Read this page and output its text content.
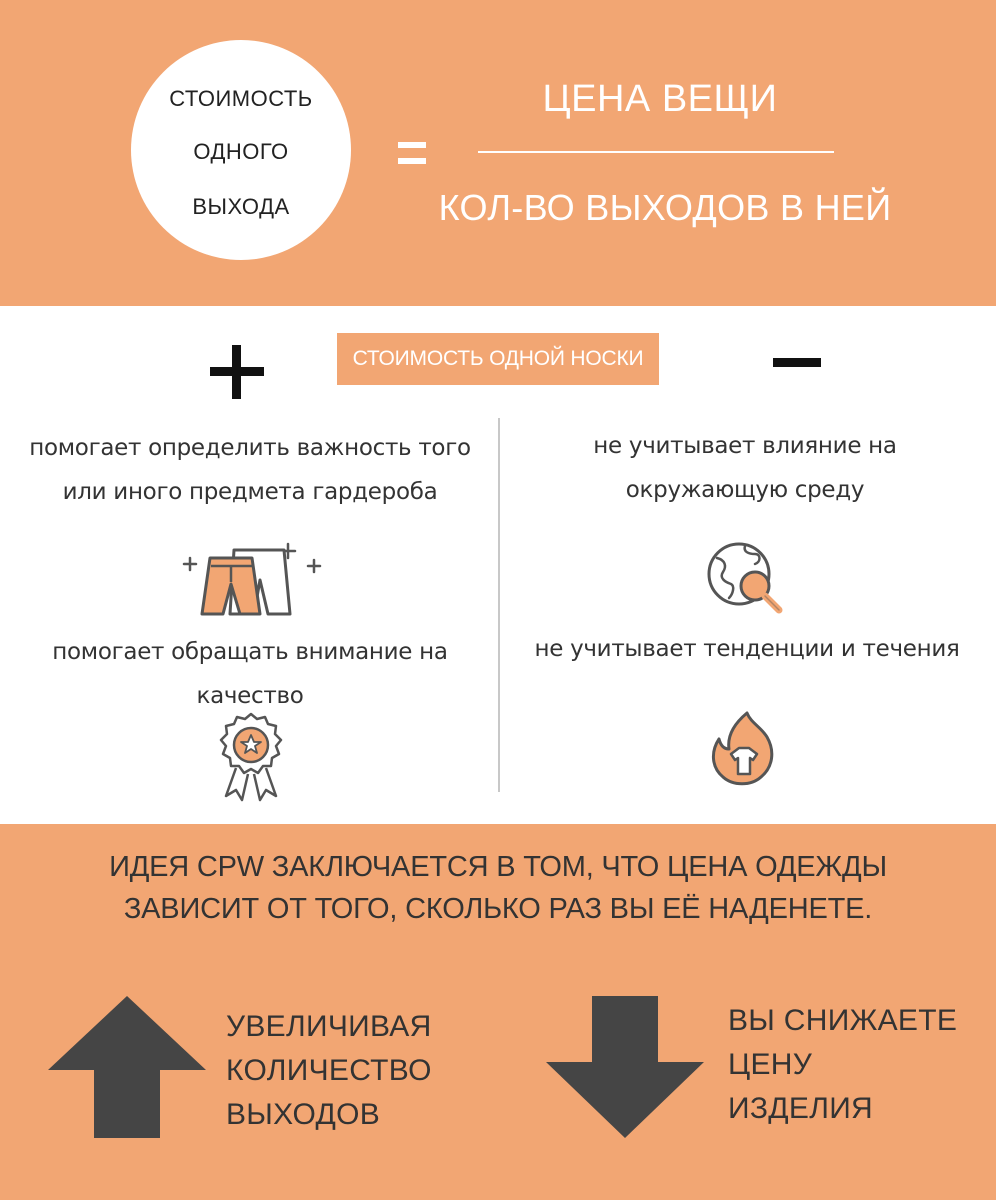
СТОИМОСТЬ
ОДНОГО
ВЫХОДА
ЦЕНА ВЕЩИ
КОЛ-ВО ВЫХОДОВ В НЕЙ
СТОИМОСТЬ ОДНОЙ НОСКИ
помогает определить важность того
или иного предмета гардероба
помогает обращать внимание на
качество
не учитывает влияние на
окружающую среду
не учитывает тенденции и течения
ИДЕЯ CPW ЗАКЛЮЧАЕТСЯ В ТОМ, ЧТО ЦЕНА ОДЕЖДЫ
ЗАВИСИТ ОТ ТОГО, СКОЛЬКО РАЗ ВЫ ЕЁ НАДЕНЕТЕ.
УВЕЛИЧИВАЯ
КОЛИЧЕСТВО
ВЫХОДОВ
ВЫ СНИЖАЕТЕ
ЦЕНУ
ИЗДЕЛИЯ
